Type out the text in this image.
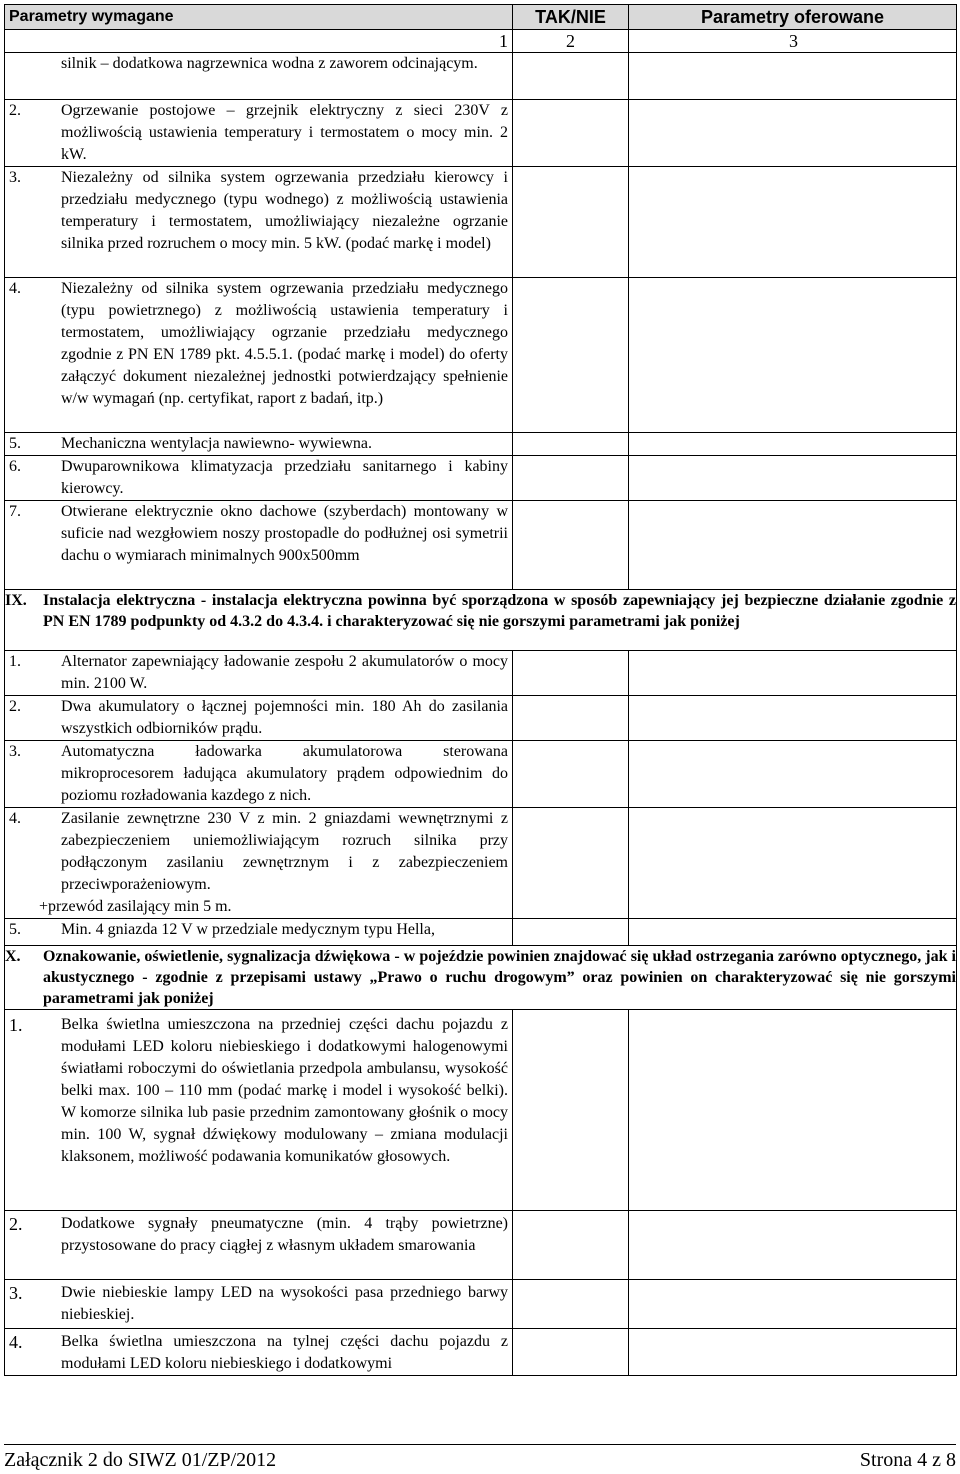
Parametry wymagane	TAK/NIE	Parametry oferowane
1	2	3

silnik – dodatkowa nagrzewnica wodna z zaworem odcinającym.		

2. Ogrzewanie postojowe – grzejnik elektryczny z sieci 230V z możliwością ustawienia temperatury i termostatem o mocy min. 2 kW.		

3. Niezależny od silnika system ogrzewania przedziału kierowcy i przedziału medycznego (typu wodnego) z możliwością ustawienia temperatury i termostatem, umożliwiający niezależne ogrzanie silnika przed rozruchem o mocy min. 5 kW. (podać markę i model)		

4. Niezależny od silnika system ogrzewania przedziału medycznego (typu powietrznego) z możliwością ustawienia temperatury i termostatem, umożliwiający ogrzanie przedziału medycznego zgodnie z PN EN 1789 pkt. 4.5.5.1. (podać markę i model) do oferty załączyć dokument niezależnej jednostki potwierdzający spełnienie w/w wymagań (np. certyfikat, raport z badań, itp.)		

5. Mechaniczna wentylacja nawiewno- wywiewna.		

6. Dwuparownikowa klimatyzacja przedziału sanitarnego i kabiny kierowcy.		

7. Otwierane elektrycznie okno dachowe (szyberdach) montowany w suficie nad wezgłowiem noszy prostopadle do podłużnej osi symetrii dachu o wymiarach minimalnych 900x500mm		

IX. Instalacja elektryczna - instalacja elektryczna powinna być sporządzona w sposób zapewniający jej bezpieczne działanie zgodnie z PN EN 1789 podpunkty od 4.3.2 do 4.3.4. i charakteryzować się nie gorszymi parametrami jak poniżej		

1. Alternator zapewniający ładowanie zespołu 2 akumulatorów o mocy min. 2100 W.		

2. Dwa akumulatory o łącznej pojemności min. 180 Ah do zasilania wszystkich odbiorników prądu.		

3. Automatyczna ładowarka akumulatorowa sterowana mikroprocesorem ładująca akumulatory prądem odpowiednim do poziomu rozładowania kazdego z nich.		

4. Zasilanie zewnętrzne 230 V z min. 2 gniazdami wewnętrznymi z zabezpieczeniem uniemożliwiającym rozruch silnika przy podłączonym zasilaniu zewnętrznym i z zabezpieczeniem przeciwporażeniowym.
+przewód zasilający min 5 m.		

5. Min. 4 gniazda 12 V w przedziale medycznym typu Hella,		

X. Oznakowanie, oświetlenie, sygnalizacja dźwiękowa - w pojeździe powinien znajdować się układ ostrzegania zarówno optycznego, jak i akustycznego - zgodnie z przepisami ustawy „Prawo o ruchu drogowym” oraz powinien on charakteryzować się nie gorszymi parametrami jak poniżej		

1. Belka świetlna umieszczona na przedniej części dachu pojazdu z modułami LED koloru niebieskiego i dodatkowymi halogenowymi światłami roboczymi do oświetlania przedpola ambulansu, wysokość belki max. 100 – 110 mm (podać markę i model i wysokość belki). W komorze silnika lub pasie przednim zamontowany głośnik o mocy min. 100 W, sygnał dźwiękowy modulowany – zmiana modulacji klaksonem, możliwość podawania komunikatów głosowych.		

2. Dodatkowe sygnały pneumatyczne (min. 4 trąby powietrzne) przystosowane do pracy ciągłej z własnym układem smarowania		

3. Dwie niebieskie lampy LED na wysokości pasa przedniego barwy niebieskiej.		

4. Belka świetlna umieszczona na tylnej części dachu pojazdu z modułami LED koloru niebieskiego i dodatkowymi		

Załącznik 2 do SIWZ 01/ZP/2012	Strona 4 z 8
